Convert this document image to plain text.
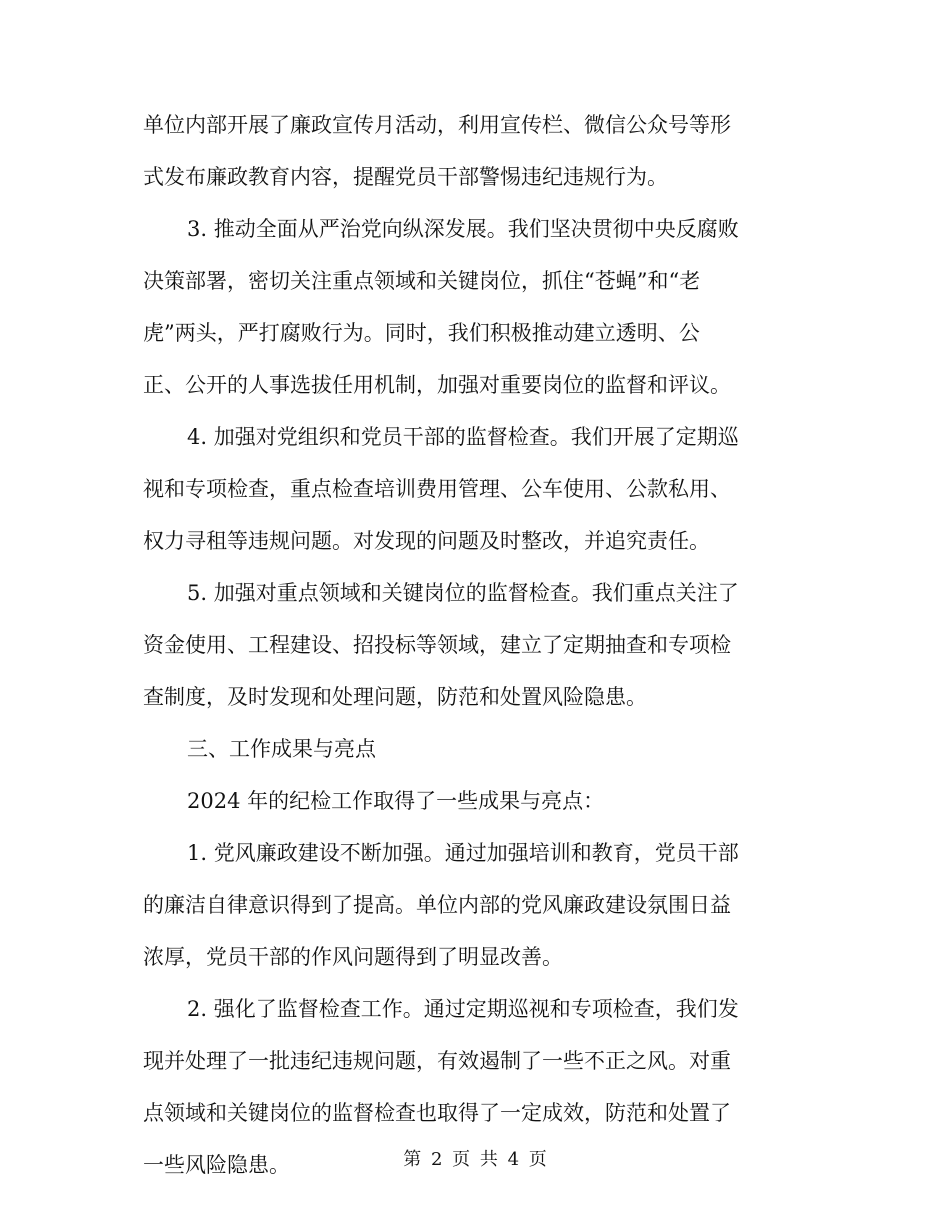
单位内部开展了廉政宣传月活动，利用宣传栏、微信公众号等形
式发布廉政教育内容，提醒党员干部警惕违纪违规行为。
3. 推动全面从严治党向纵深发展。我们坚决贯彻中央反腐败
决策部署，密切关注重点领域和关键岗位，抓住“苍蝇”和“老
虎”两头，严打腐败行为。同时，我们积极推动建立透明、公
正、公开的人事选拔任用机制，加强对重要岗位的监督和评议。
4. 加强对党组织和党员干部的监督检查。我们开展了定期巡
视和专项检查，重点检查培训费用管理、公车使用、公款私用、
权力寻租等违规问题。对发现的问题及时整改，并追究责任。
5. 加强对重点领域和关键岗位的监督检查。我们重点关注了
资金使用、工程建设、招投标等领域，建立了定期抽查和专项检
查制度，及时发现和处理问题，防范和处置风险隐患。
三、工作成果与亮点
2024 年的纪检工作取得了一些成果与亮点：
1. 党风廉政建设不断加强。通过加强培训和教育，党员干部
的廉洁自律意识得到了提高。单位内部的党风廉政建设氛围日益
浓厚，党员干部的作风问题得到了明显改善。
2. 强化了监督检查工作。通过定期巡视和专项检查，我们发
现并处理了一批违纪违规问题，有效遏制了一些不正之风。对重
点领域和关键岗位的监督检查也取得了一定成效，防范和处置了
一些风险隐患。	第 2 页 共 4 页
